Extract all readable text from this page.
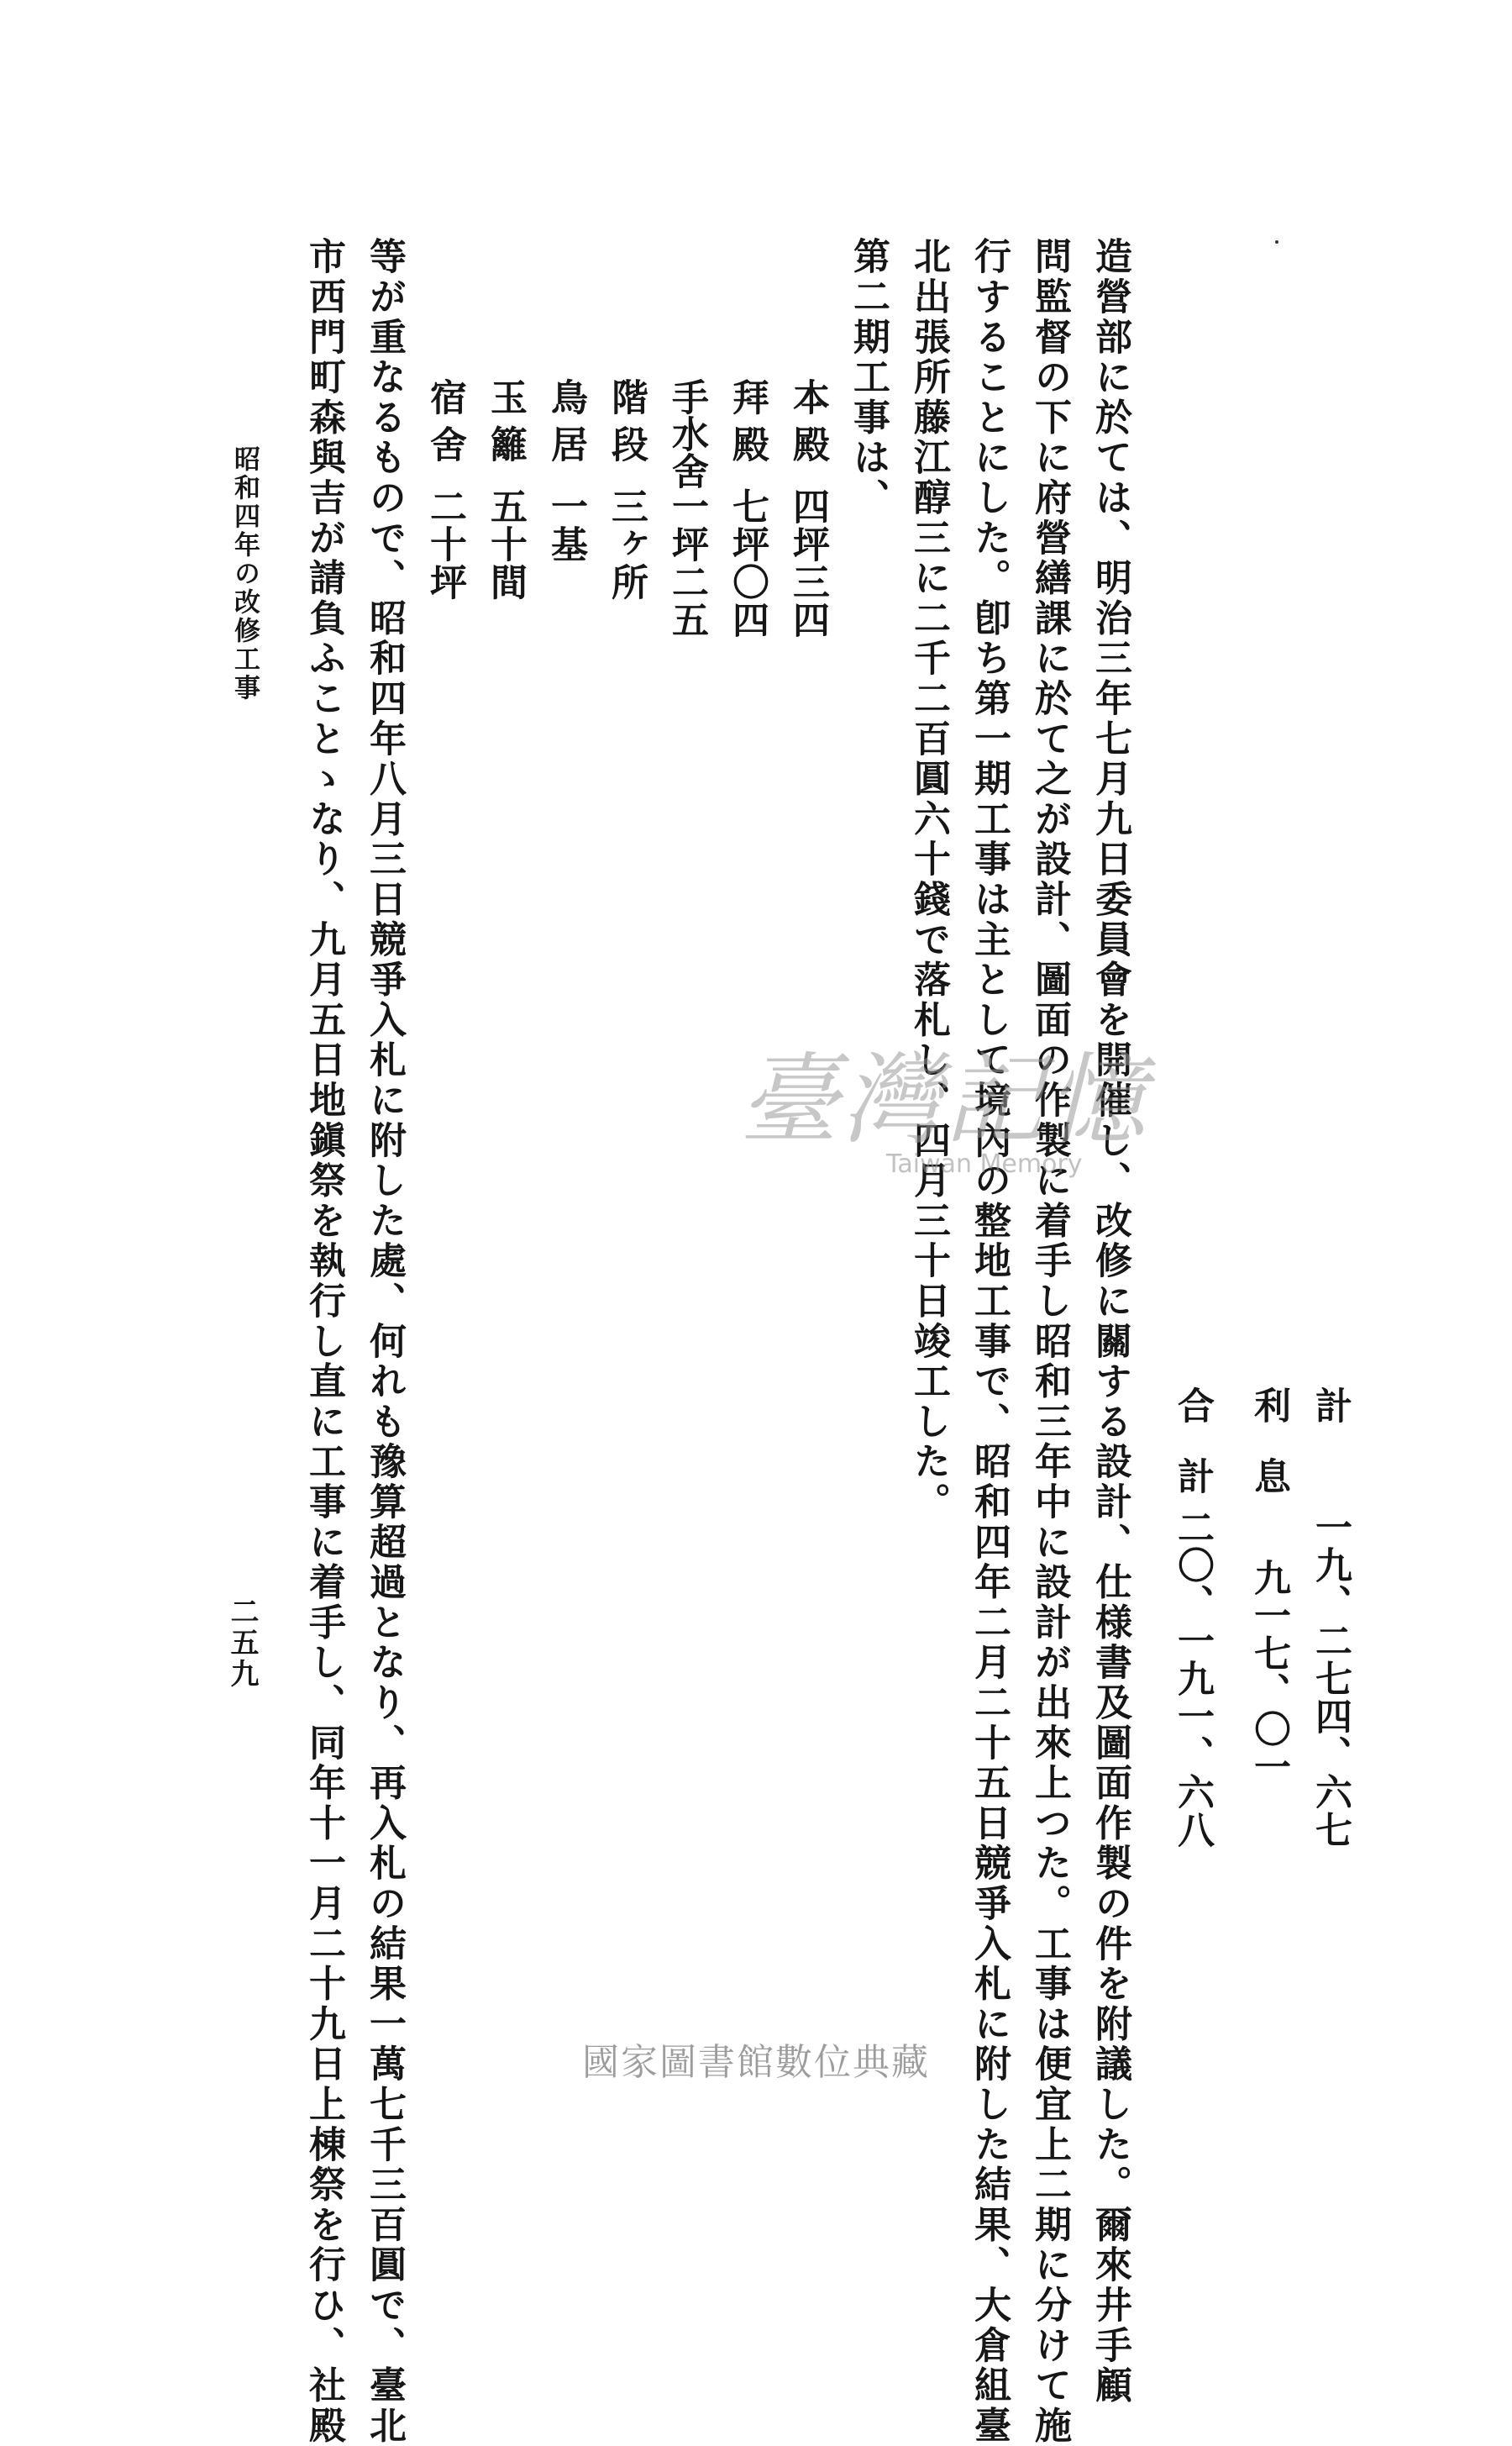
計
一九、二七四、六七
利息
九一七、〇一
合計
二〇、一九一、六八
造營部に於ては、明治三年七月九日委員會を開催し、改修に關する設計、仕様書及圖面作製の件を附議した。爾來井手顧
問監督の下に府營繕課に於て之が設計、圖面の作製に着手し昭和三年中に設計が出來上つた。工事は便宜上二期に分けて施
行することにした。卽ち第一期工事は主として境內の整地工事で、昭和四年二月二十五日競爭入札に附した結果、大倉組臺
北出張所藤江醇三に二千二百圓六十錢で落札し、四月三十日竣工した。
第二期工事は、
本殿
四坪三四
拜殿
七坪〇四
手水舍
一坪二五
階段
三ヶ所
鳥居
一基
玉籬
五十間
宿舍
二十坪
等が重なるもので、昭和四年八月三日競爭入札に附した處、何れも豫算超過となり、再入札の結果一萬七千三百圓で、臺北
市西門町森與吉が請負ふことゝなり、九月五日地鎭祭を執行し直に工事に着手し、同年十一月二十九日上棟祭を行ひ、社殿
昭和四年の改修工事
二五九
臺灣記憶
Taiwan Memory
國家圖書館數位典藏
